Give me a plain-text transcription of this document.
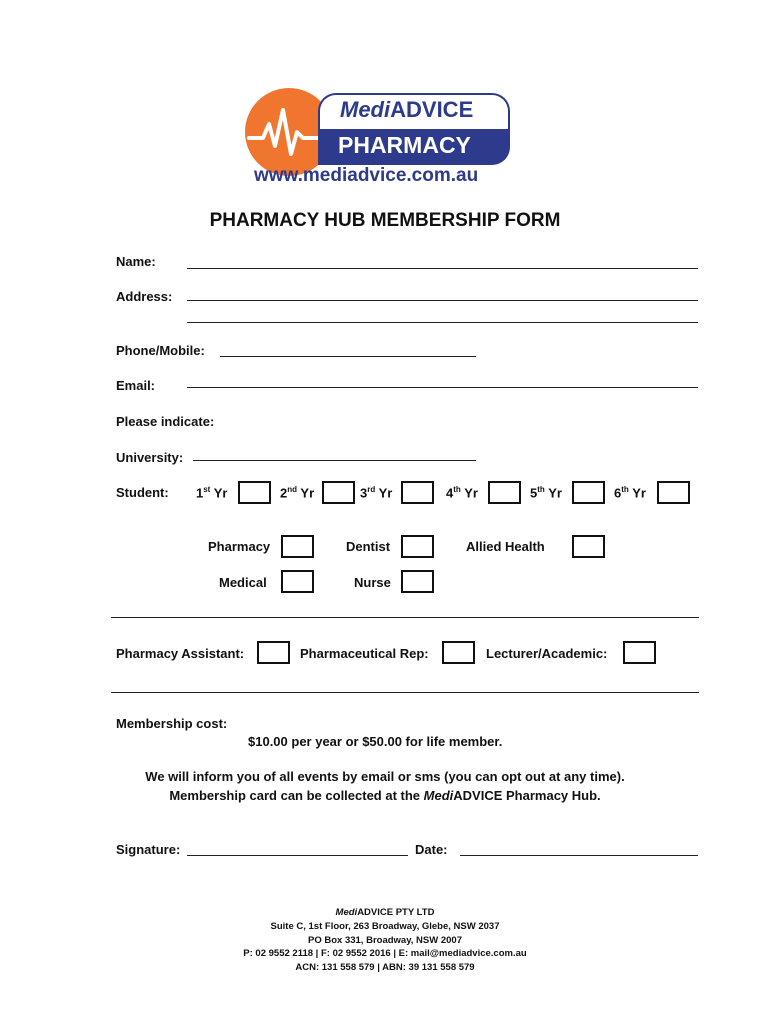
MediADVICE
PHARMACY
www.mediadvice.com.au
PHARMACY HUB MEMBERSHIP FORM
Name:
Address:
Phone/Mobile:
Email:
Please indicate:
University:
Student: 1st Yr	2nd Yr	3rd Yr	4th Yr	5th Yr	6th Yr
Pharmacy	Dentist	Allied Health
Medical	Nurse
Pharmacy Assistant:	Pharmaceutical Rep:	Lecturer/Academic:
Membership cost:
$10.00 per year or $50.00 for life member.
We will inform you of all events by email or sms (you can opt out at any time).
Membership card can be collected at the MediADVICE Pharmacy Hub.
Signature:	Date:
MediADVICE PTY LTD
Suite C, 1st Floor, 263 Broadway, Glebe, NSW 2037
PO Box 331, Broadway, NSW 2007
P: 02 9552 2118 | F: 02 9552 2016 | E: mail@mediadvice.com.au
ACN: 131 558 579 | ABN: 39 131 558 579
